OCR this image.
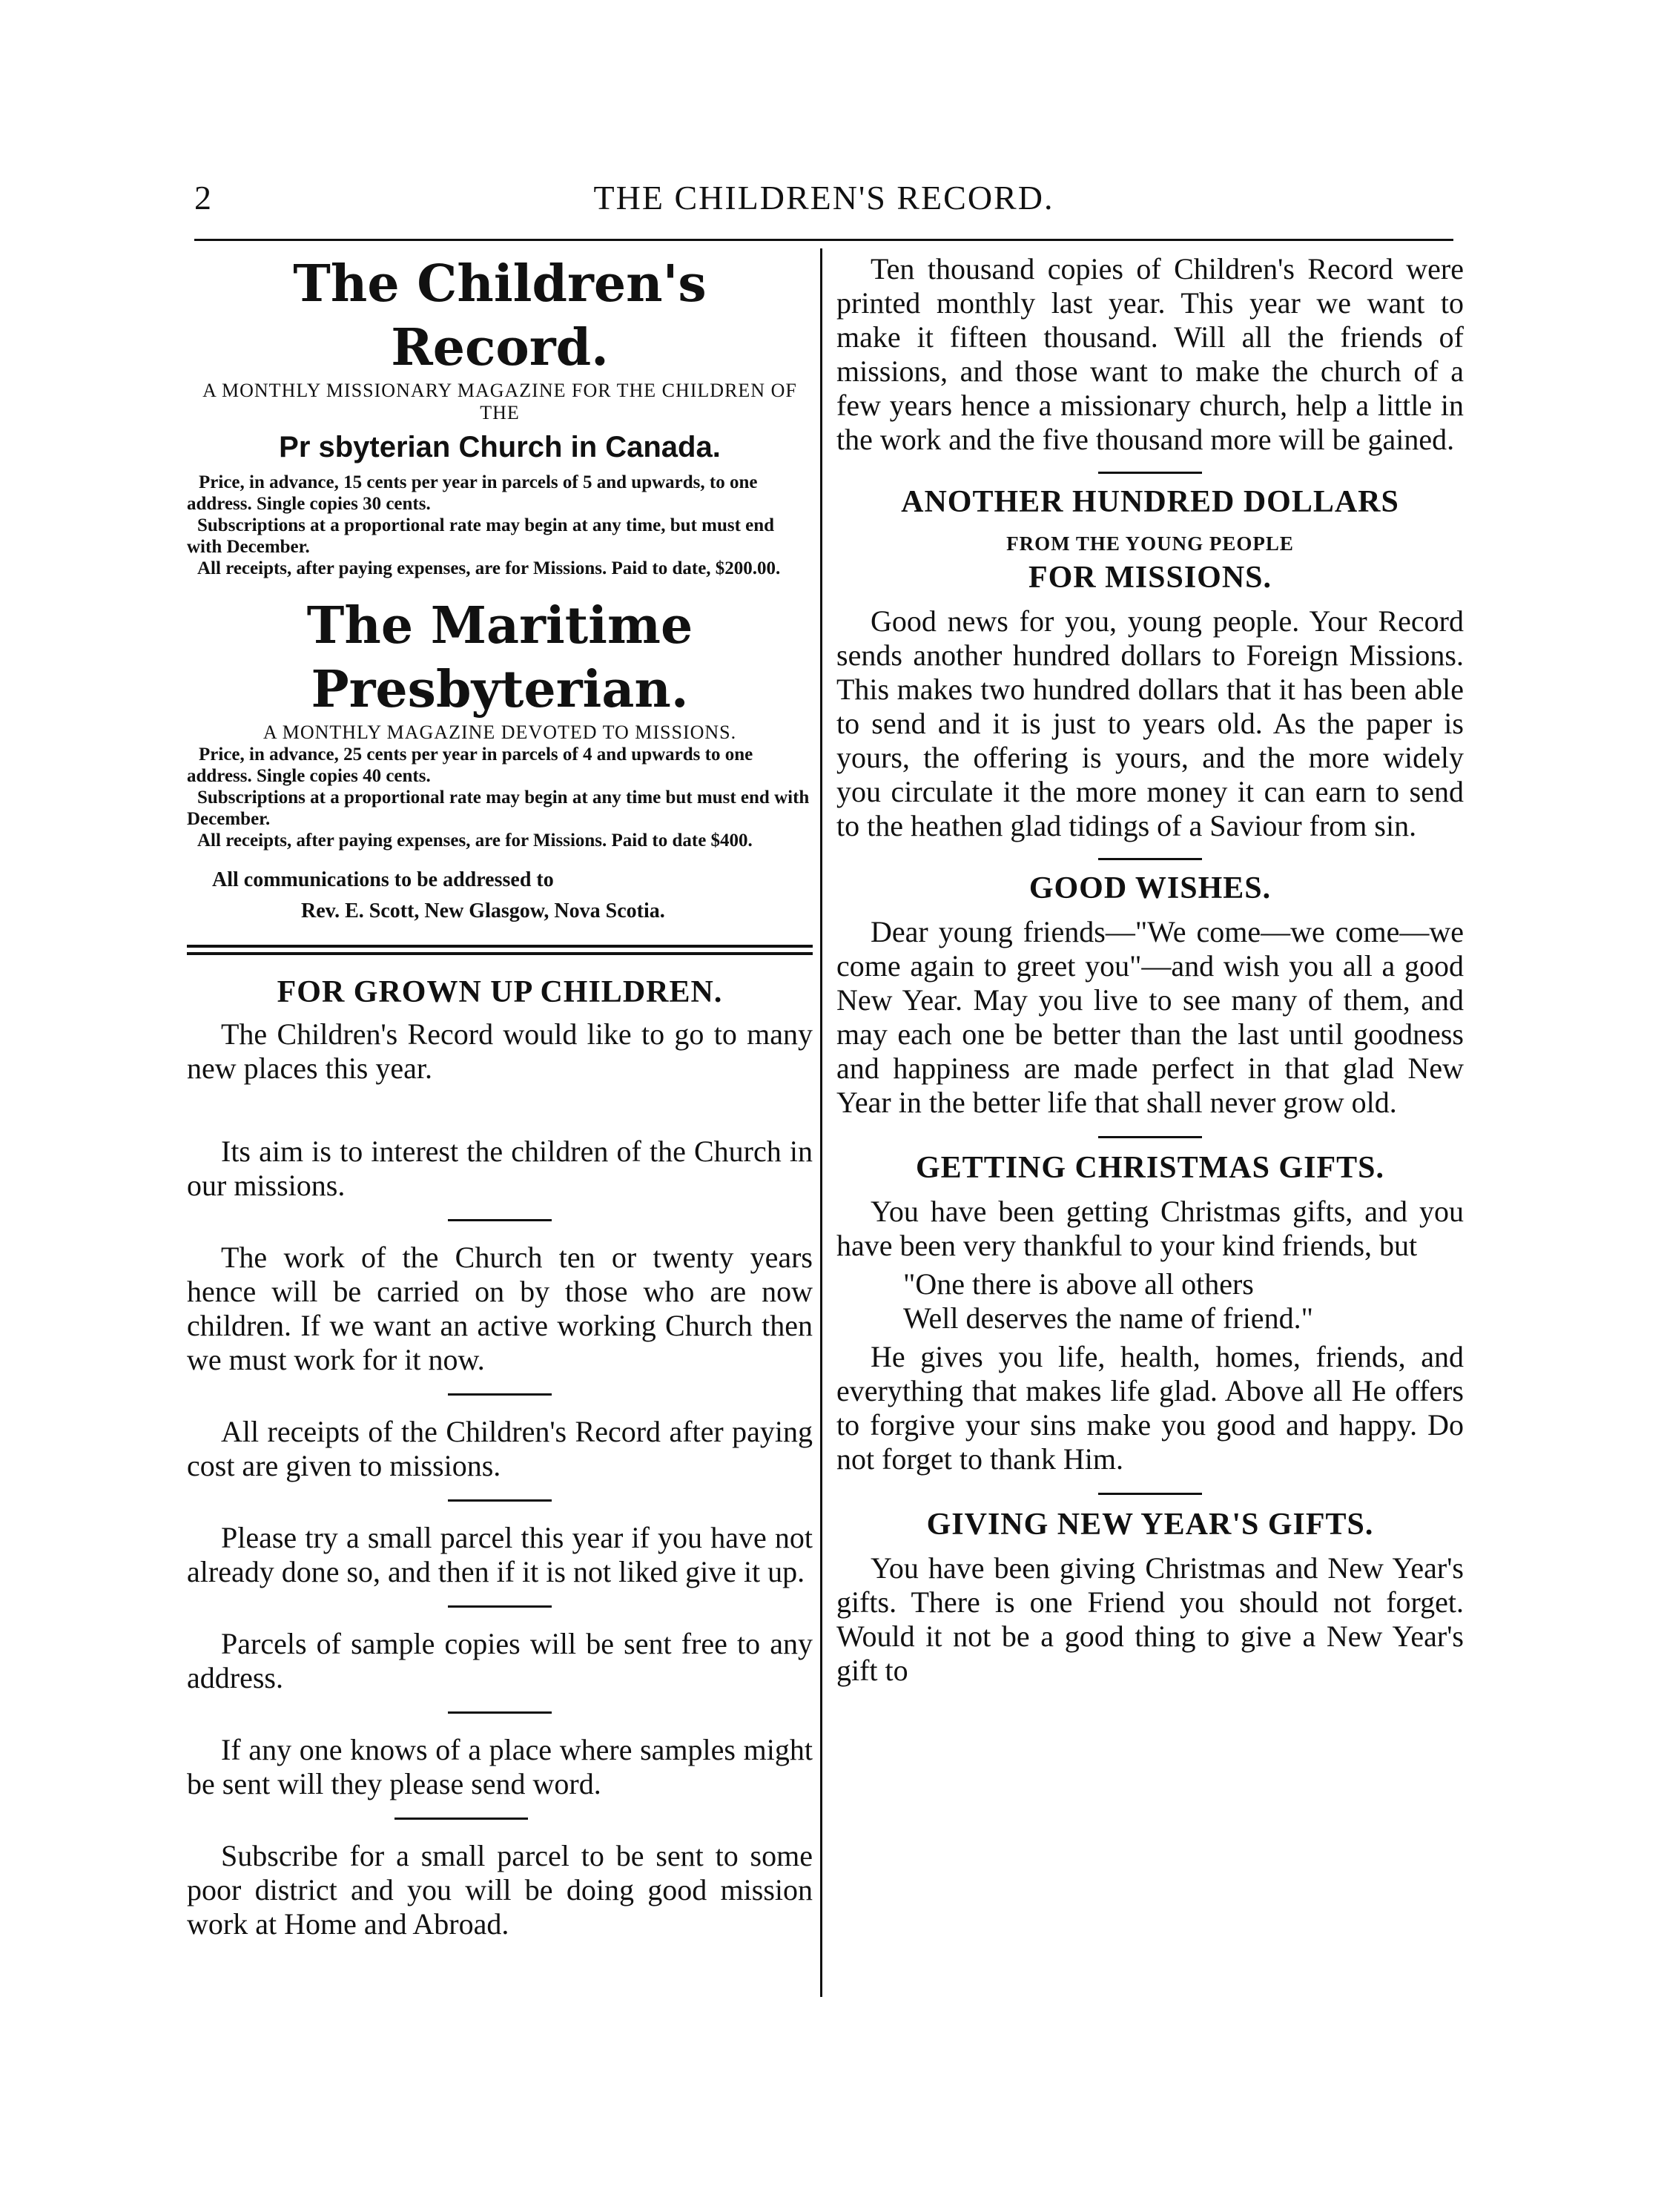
2	THE CHILDREN'S RECORD.
The Children's Record.

A MONTHLY MISSIONARY MAGAZINE FOR THE CHILDREN OF THE

Pr sbyterian Church in Canada.

Price, in advance, 15 cents per year in parcels of 5 and upwards, to one address. Single copies 30 cents.

Subscriptions at a proportional rate may begin at any time, but must end with December.

All receipts, after paying expenses, are for Missions. Paid to date, $200.00.

The Maritime Presbyterian.

A MONTHLY MAGAZINE DEVOTED TO MISSIONS.

Price, in advance, 25 cents per year in parcels of 4 and upwards to one address. Single copies 40 cents.

Subscriptions at a proportional rate may begin at any time but must end with December.

All receipts, after paying expenses, are for Missions. Paid to date $400.

All communications to be addressed to
Rev. E. Scott, New Glasgow, Nova Scotia.
FOR GROWN UP CHILDREN.

The Children's Record would like to go to many new places this year.

Its aim is to interest the children of the Church in our missions.

The work of the Church ten or twenty years hence will be carried on by those who are now children. If we want an active working Church then we must work for it now.

All receipts of the Children's Record after paying cost are given to missions.

Please try a small parcel this year if you have not already done so, and then if it is not liked give it up.

Parcels of sample copies will be sent free to any address.

If any one knows of a place where samples might be sent will they please send word.

Subscribe for a small parcel to be sent to some poor district and you will be doing good mission work at Home and Abroad.

Ten thousand copies of Children's Record were printed monthly last year. This year we want to make it fifteen thousand. Will all the friends of missions, and those want to make the church of a few years hence a missionary church, help a little in the work and the five thousand more will be gained.

ANOTHER HUNDRED DOLLARS

FROM THE YOUNG PEOPLE

FOR MISSIONS.

Good news for you, young people. Your Record sends another hundred dollars to Foreign Missions. This makes two hundred dollars that it has been able to send and it is just to years old. As the paper is yours, the offering is yours, and the more widely you circulate it the more money it can earn to send to the heathen glad tidings of a Saviour from sin.

GOOD WISHES.

Dear young friends—"We come—we come—we come again to greet you"—and wish you all a good New Year. May you live to see many of them, and may each one be better than the last until goodness and happiness are made perfect in that glad New Year in the better life that shall never grow old.

GETTING CHRISTMAS GIFTS.

You have been getting Christmas gifts, and you have been very thankful to your kind friends, but

"One there is above all others
Well deserves the name of friend."

He gives you life, health, homes, friends, and everything that makes life glad. Above all He offers to forgive your sins make you good and happy. Do not forget to thank Him.

GIVING NEW YEAR'S GIFTS.

You have been giving Christmas and New Year's gifts. There is one Friend you should not forget. Would it not be a good thing to give a New Year's gift to
